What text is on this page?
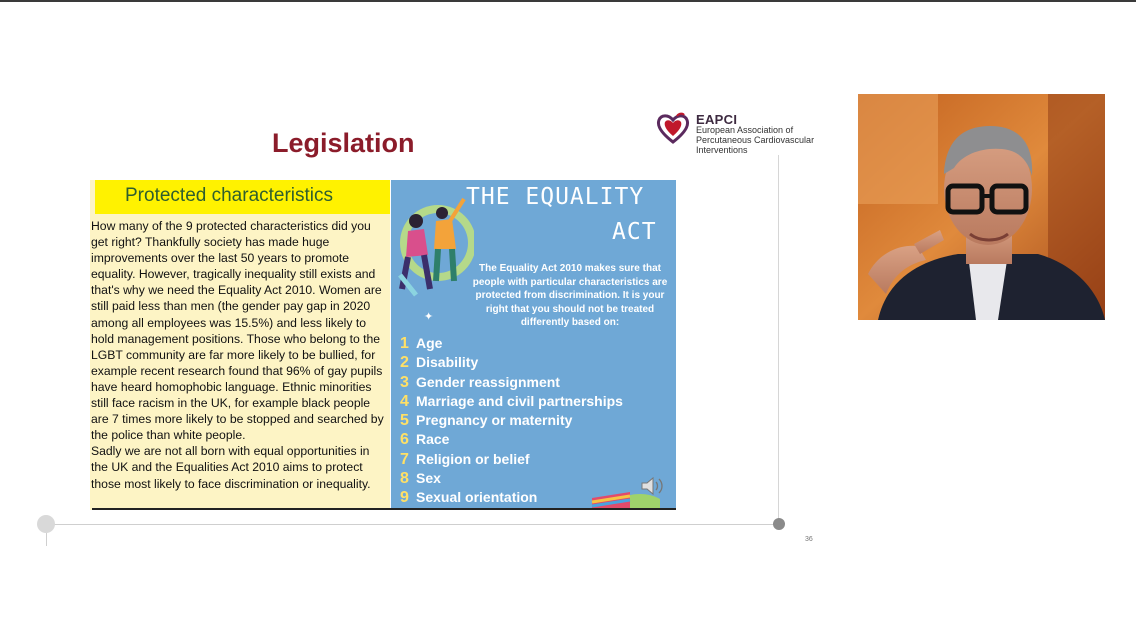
Legislation
EAPCI
European Association of
Percutaneous Cardiovascular
Interventions
Protected characteristics
How many of the 9 protected characteristics did you get right? Thankfully society has made huge improvements over the last 50 years to promote equality. However, tragically inequality still exists and that's why we need the Equality Act 2010. Women are still paid less than men (the gender pay gap in 2020 among all employees was 15.5%) and less likely to hold management positions. Those who belong to the LGBT community are far more likely to be bullied, for example recent research found that 96% of gay pupils have heard homophobic language. Ethnic minorities still face racism in the UK, for example black people are 7 times more likely to be stopped and searched by the police than white people.
Sadly we are not all born with equal opportunities in the UK and the Equalities Act 2010 aims to protect those most likely to face discrimination or inequality.
✦
THE EQUALITY
ACT
The Equality Act 2010 makes sure that people with particular characteristics are protected from discrimination. It is your right that you should not be treated differently based on:
1 Age
2 Disability
3 Gender reassignment
4 Marriage and civil partnerships
5 Pregnancy or maternity
6 Race
7 Religion or belief
8 Sex
9 Sexual orientation
36
